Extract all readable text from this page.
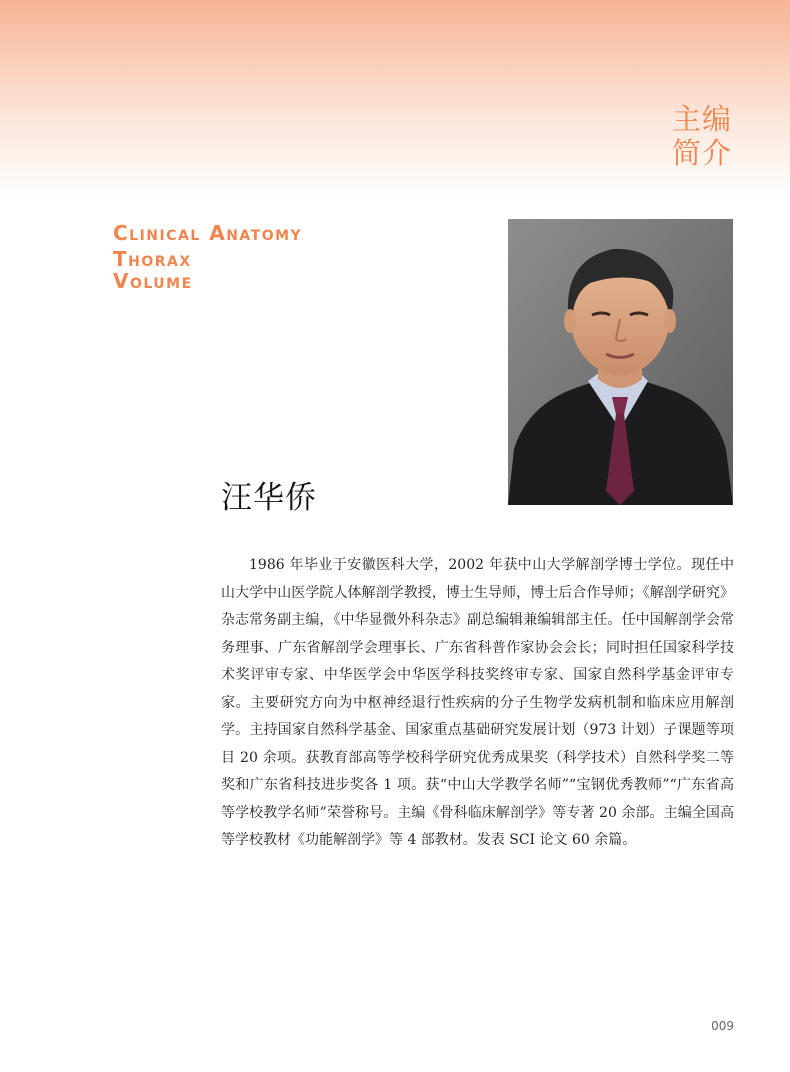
主编
简介
Clinical Anatomy
Thorax
Volume
汪华侨

1986 年毕业于安徽医科大学，2002 年获中山大学解剖学博士学位。现任中山大学中山医学院人体解剖学教授，博士生导师，博士后合作导师；《解剖学研究》杂志常务副主编，《中华显微外科杂志》副总编辑兼编辑部主任。任中国解剖学会常务理事、广东省解剖学会理事长、广东省科普作家协会会长；同时担任国家科学技术奖评审专家、中华医学会中华医学科技奖终审专家、国家自然科学基金评审专家。主要研究方向为中枢神经退行性疾病的分子生物学发病机制和临床应用解剖学。主持国家自然科学基金、国家重点基础研究发展计划（973 计划）子课题等项目 20 余项。获教育部高等学校科学研究优秀成果奖（科学技术）自然科学奖二等奖和广东省科技进步奖各 1 项。获“中山大学教学名师”“宝钢优秀教师”“广东省高等学校教学名师”荣誉称号。主编《骨科临床解剖学》等专著 20 余部。主编全国高等学校教材《功能解剖学》等 4 部教材。发表 SCI 论文 60 余篇。

009
